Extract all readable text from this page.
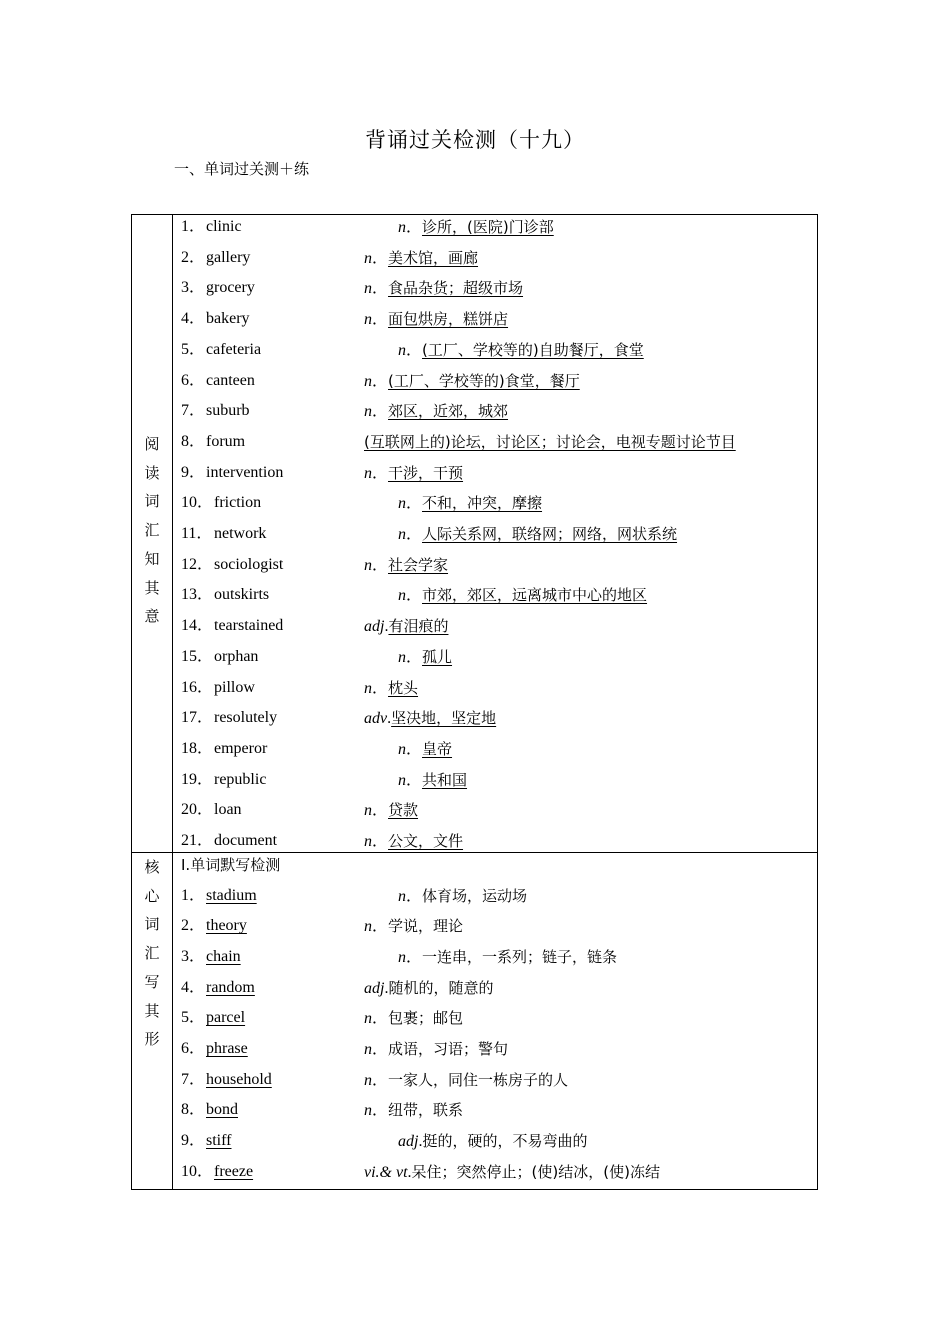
背诵过关检测（十九）
一、单词过关测＋练
阅
读
词
汇
知
其
意
1． clinic	n．诊所，(医院)门诊部
2． gallery	n．美术馆，画廊
3． grocery	n．食品杂货；超级市场
4． bakery	n．面包烘房，糕饼店
5． cafeteria	n．(工厂、学校等的)自助餐厅，食堂
6． canteen	n．(工厂、学校等的)食堂，餐厅
7． suburb	n．郊区，近郊，城郊
8． forum	(互联网上的)论坛，讨论区；讨论会，电视专题讨论节目
9． intervention	n．干涉，干预
10． friction	n．不和，冲突，摩擦
11． network	n．人际关系网，联络网；网络，网状系统
12． sociologist	n．社会学家
13． outskirts	n．市郊，郊区，远离城市中心的地区
14． tearstained	adj.有泪痕的
15． orphan	n．孤儿
16． pillow	n．枕头
17． resolutely	adv.坚决地，坚定地
18． emperor	n．皇帝
19． republic	n．共和国
20． loan	n．贷款
21． document	n．公文，文件
核
心
词
汇
写
其
形
Ⅰ.单词默写检测
1． stadium	n．体育场，运动场
2． theory	n．学说，理论
3． chain	n．一连串，一系列；链子，链条
4． random	adj.随机的，随意的
5． parcel	n．包裹；邮包
6． phrase	n．成语，习语；警句
7． household	n．一家人，同住一栋房子的人
8． bond	n．纽带，联系
9． stiff	adj.挺的，硬的，不易弯曲的
10． freeze	vi.& vt.呆住；突然停止；(使)结冰，(使)冻结
